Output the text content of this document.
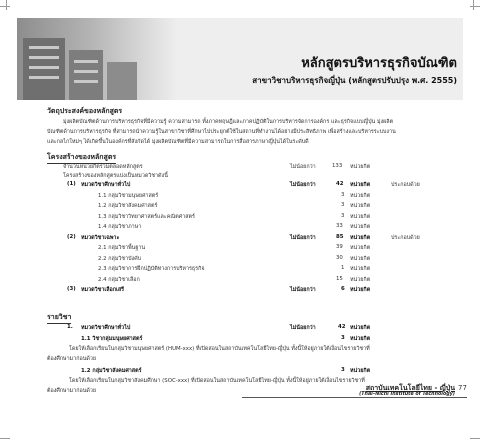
หลักสูตรบริหารธุรกิจบัณฑิต
สาขาวิชาบริหารธุรกิจญี่ปุ่น (หลักสูตรปรับปรุง พ.ศ. 2555)
วัตถุประสงค์ของหลักสูตร
มุ่งผลิตบัณฑิตด้านการบริหารธุรกิจที่มีความรู้ ความสามารถ ทั้งภาคทฤษฎีและภาคปฏิบัติในการบริหารจัดการองค์กร และธุรกิจแบบญี่ปุ่น มุ่งผลิต
บัณฑิตด้านการบริหารธุรกิจ ที่สามารถนำความรู้ในสาขาวิชาที่ศึกษาไปประยุกต์ใช้ในสถานที่ทำงานได้อย่างมีประสิทธิภาพ เพื่อสร้างและบริหารระบบงาน
และกลไกใหม่ๆ ได้เกิดขึ้นในองค์กรที่สังกัดได้ มุ่งผลิตบัณฑิตที่มีความสามารถในการสื่อสารภาษาญี่ปุ่นได้ในระดับดี
โครงสร้างของหลักสูตร
จำนวนหน่วยกิตรวมตลอดหลักสูตร	ไม่น้อยกว่า	133 หน่วยกิต
โครงสร้างของหลักสูตรแบ่งเป็นหมวดวิชาดังนี้
(1) หมวดวิชาศึกษาทั่วไป	ไม่น้อยกว่า	42 หน่วยกิต	ประกอบด้วย
1.1 กลุ่มวิชามนุษยศาสตร์	3 หน่วยกิต
1.2 กลุ่มวิชาสังคมศาสตร์	3 หน่วยกิต
1.3 กลุ่มวิชาวิทยาศาสตร์และคณิตศาสตร์	3 หน่วยกิต
1.4 กลุ่มวิชาภาษา	33 หน่วยกิต
(2) หมวดวิชาเฉพาะ	ไม่น้อยกว่า	85 หน่วยกิต	ประกอบด้วย
2.1 กลุ่มวิชาพื้นฐาน	39 หน่วยกิต
2.2 กลุ่มวิชาบังคับ	30 หน่วยกิต
2.3 กลุ่มวิชาการฝึกปฏิบัติทางการบริหารธุรกิจ	1 หน่วยกิต
2.4 กลุ่มวิชาเลือก	15 หน่วยกิต
(3) หมวดวิชาเลือกเสรี	ไม่น้อยกว่า	6 หน่วยกิต
รายวิชา
1. หมวดวิชาศึกษาทั่วไป	ไม่น้อยกว่า	42 หน่วยกิต
1.1 วิชากลุ่มมนุษยศาสตร์	3 หน่วยกิต
โดยให้เลือกเรียนในกลุ่มวิชามนุษยศาสตร์ (HUM-xxx) ที่เปิดสอนในสถาบันเทคโนโลยีไทย-ญี่ปุ่น ทั้งนี้ให้อยู่ภายใต้เงื่อนไขรายวิชาที่
ต้องศึกษามาก่อนด้วย
1.2 กลุ่มวิชาสังคมศาสตร์	3 หน่วยกิต
โดยให้เลือกเรียนในกลุ่มวิชาสังคมศึกษา (SOC-xxx) ที่เปิดสอนในสถาบันเทคโนโลยีไทย-ญี่ปุ่น ทั้งนี้ให้อยู่ภายใต้เงื่อนไขรายวิชาที่
ต้องศึกษามาก่อนด้วย	สถาบันเทคโนโลยีไทย - ญี่ปุ่น
(Thai–Nichi Institute of Technology)
77
